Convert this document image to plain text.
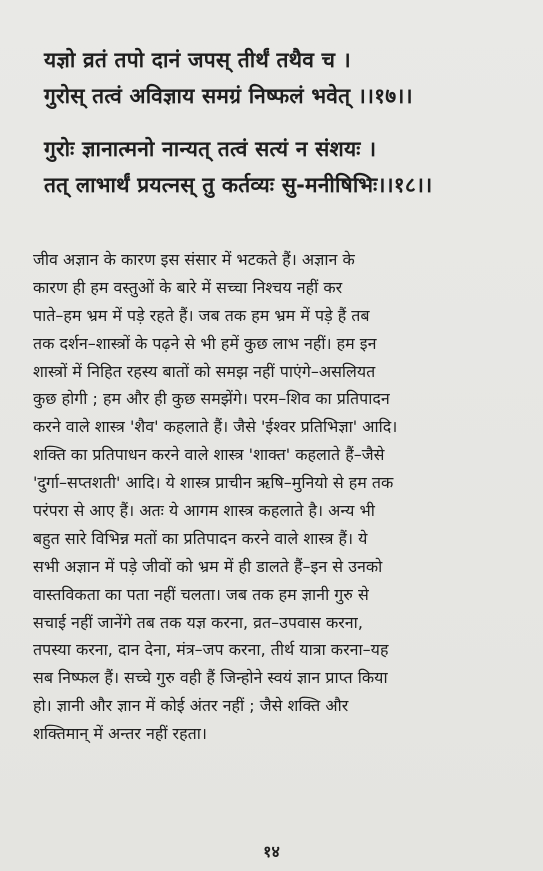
यज्ञो व्रतं तपो दानं जपस् तीर्थं तथैव च ।
गुरोस् तत्वं अविज्ञाय समग्रं निष्फलं भवेत् ।।१७।।
गुरोः ज्ञानात्मनो नान्यत् तत्वं सत्यं न संशयः ।
तत् लाभार्थं प्रयत्नस् तु कर्तव्यः सु-मनीषिभिः।।१८।।
जीव अज्ञान के कारण इस संसार में भटकते हैं। अज्ञान के
कारण ही हम वस्तुओं के बारे में सच्चा निश्चय नहीं कर
पाते–हम भ्रम में पड़े रहते हैं। जब तक हम भ्रम में पड़े हैं तब
तक दर्शन–शास्त्रों के पढ़ने से भी हमें कुछ लाभ नहीं। हम इन
शास्त्रों में निहित रहस्य बातों को समझ नहीं पाएंगे–असलियत
कुछ होगी ; हम और ही कुछ समझेंगे। परम–शिव का प्रतिपादन
करने वाले शास्त्र 'शैव' कहलाते हैं। जैसे 'ईश्वर प्रतिभिज्ञा' आदि।
शक्ति का प्रतिपाधन करने वाले शास्त्र 'शाक्त' कहलाते हैं–जैसे
'दुर्गा–सप्तशती' आदि। ये शास्त्र प्राचीन ऋषि–मुनियो से हम तक
परंपरा से आए हैं। अतः ये आगम शास्त्र कहलाते है। अन्य भी
बहुत सारे विभिन्न मतों का प्रतिपादन करने वाले शास्त्र हैं। ये
सभी अज्ञान में पड़े जीवों को भ्रम में ही डालते हैं–इन से उनको
वास्तविकता का पता नहीं चलता। जब तक हम ज्ञानी गुरु से
सचाई नहीं जानेंगे तब तक यज्ञ करना, व्रत–उपवास करना,
तपस्या करना, दान देना, मंत्र–जप करना, तीर्थ यात्रा करना–यह
सब निष्फल हैं। सच्चे गुरु वही हैं जिन्होने स्वयं ज्ञान प्राप्त किया
हो। ज्ञानी और ज्ञान में कोई अंतर नहीं ; जैसे शक्ति और
शक्तिमान् में अन्तर नहीं रहता।
१४
